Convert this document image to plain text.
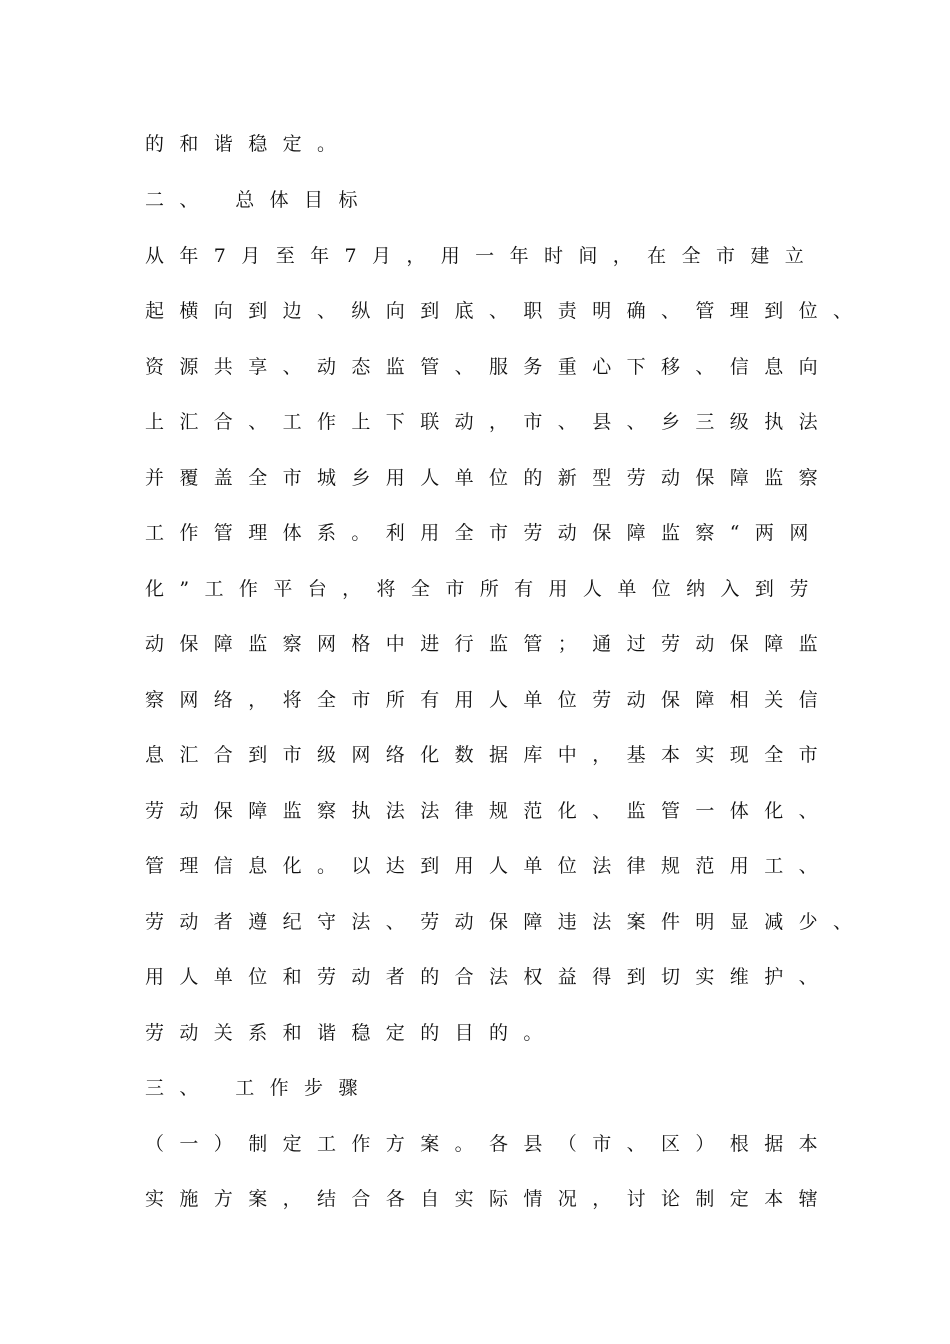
的和谐稳定。
二、 总体目标
从年7月至年7月，用一年时间，在全市建立
起横向到边、纵向到底、职责明确、管理到位、
资源共享、动态监管、服务重心下移、信息向
上汇合、工作上下联动，市、县、乡三级执法
并覆盖全市城乡用人单位的新型劳动保障监察
工作管理体系。利用全市劳动保障监察“两网
化”工作平台，将全市所有用人单位纳入到劳
动保障监察网格中进行监管；通过劳动保障监
察网络，将全市所有用人单位劳动保障相关信
息汇合到市级网络化数据库中，基本实现全市
劳动保障监察执法法律规范化、监管一体化、
管理信息化。以达到用人单位法律规范用工、
劳动者遵纪守法、劳动保障违法案件明显减少、
用人单位和劳动者的合法权益得到切实维护、
劳动关系和谐稳定的目的。
三、 工作步骤
（一）制定工作方案。各县（市、区）根据本
实施方案，结合各自实际情况，讨论制定本辖
